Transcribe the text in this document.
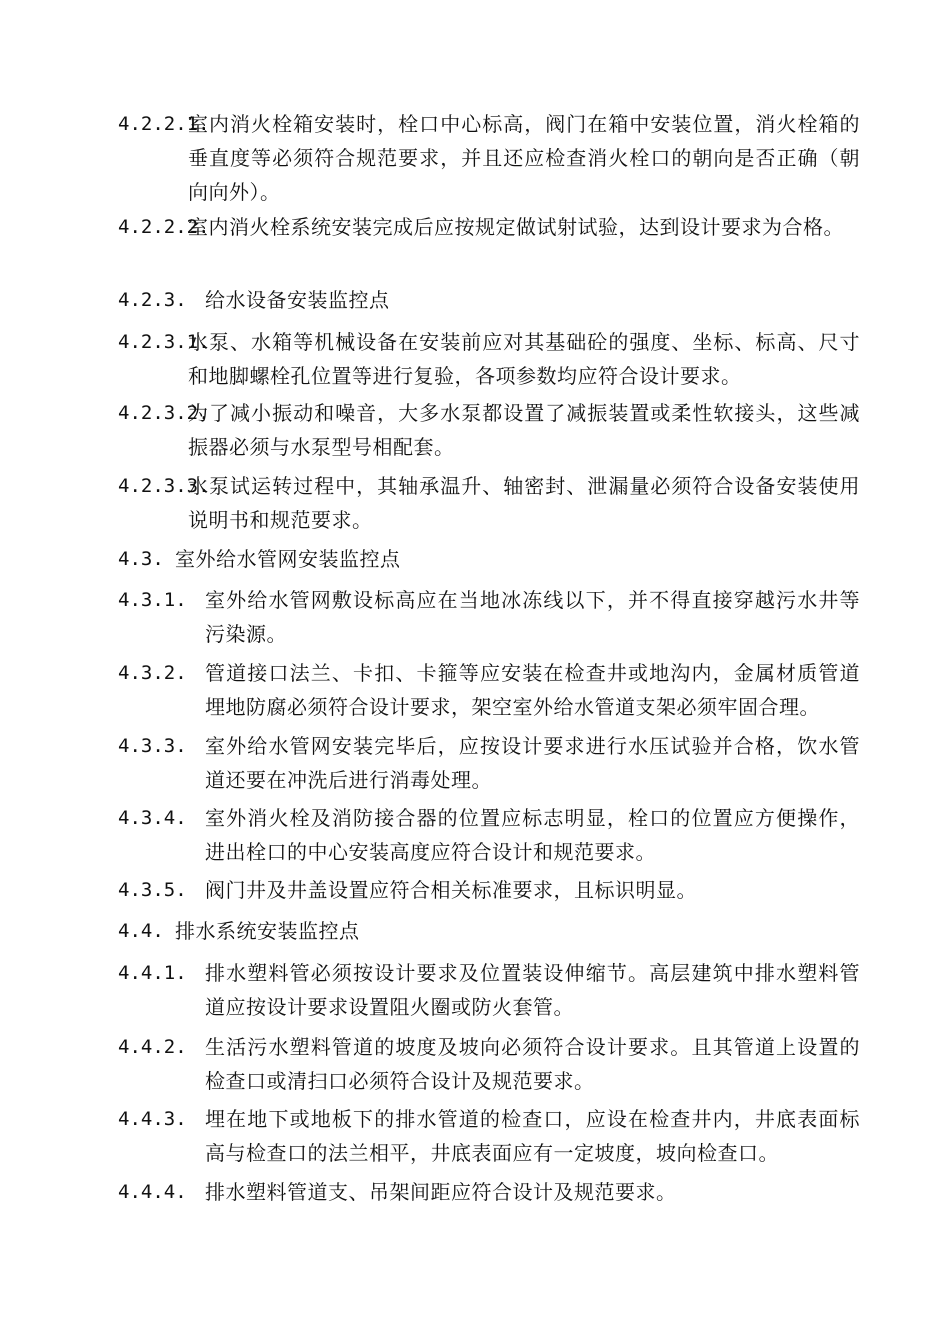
4.2.2.1.
室内消火栓箱安装时，栓口中心标高，阀门在箱中安装位置，消火栓箱的垂直度等必须符合规范要求，并且还应检查消火栓口的朝向是否正确（朝向向外）。
4.2.2.2.
室内消火栓系统安装完成后应按规定做试射试验，达到设计要求为合格。
4.2.3. 给水设备安装监控点
4.2.3.1.
水泵、水箱等机械设备在安装前应对其基础砼的强度、坐标、标高、尺寸和地脚螺栓孔位置等进行复验，各项参数均应符合设计要求。
4.2.3.2.
为了减小振动和噪音，大多水泵都设置了减振装置或柔性软接头，这些减振器必须与水泵型号相配套。
4.2.3.3.
水泵试运转过程中，其轴承温升、轴密封、泄漏量必须符合设备安装使用说明书和规范要求。
4.3. 室外给水管网安装监控点
4.3.1. 室外给水管网敷设标高应在当地冰冻线以下，并不得直接穿越污水井等污染源。
4.3.2. 管道接口法兰、卡扣、卡箍等应安装在检查井或地沟内，金属材质管道埋地防腐必须符合设计要求，架空室外给水管道支架必须牢固合理。
4.3.3. 室外给水管网安装完毕后，应按设计要求进行水压试验并合格，饮水管道还要在冲洗后进行消毒处理。
4.3.4. 室外消火栓及消防接合器的位置应标志明显，栓口的位置应方便操作，进出栓口的中心安装高度应符合设计和规范要求。
4.3.5. 阀门井及井盖设置应符合相关标准要求，且标识明显。
4.4. 排水系统安装监控点
4.4.1. 排水塑料管必须按设计要求及位置装设伸缩节。高层建筑中排水塑料管道应按设计要求设置阻火圈或防火套管。
4.4.2. 生活污水塑料管道的坡度及坡向必须符合设计要求。且其管道上设置的检查口或清扫口必须符合设计及规范要求。
4.4.3. 埋在地下或地板下的排水管道的检查口，应设在检查井内，井底表面标高与检查口的法兰相平，井底表面应有一定坡度，坡向检查口。
4.4.4. 排水塑料管道支、吊架间距应符合设计及规范要求。
